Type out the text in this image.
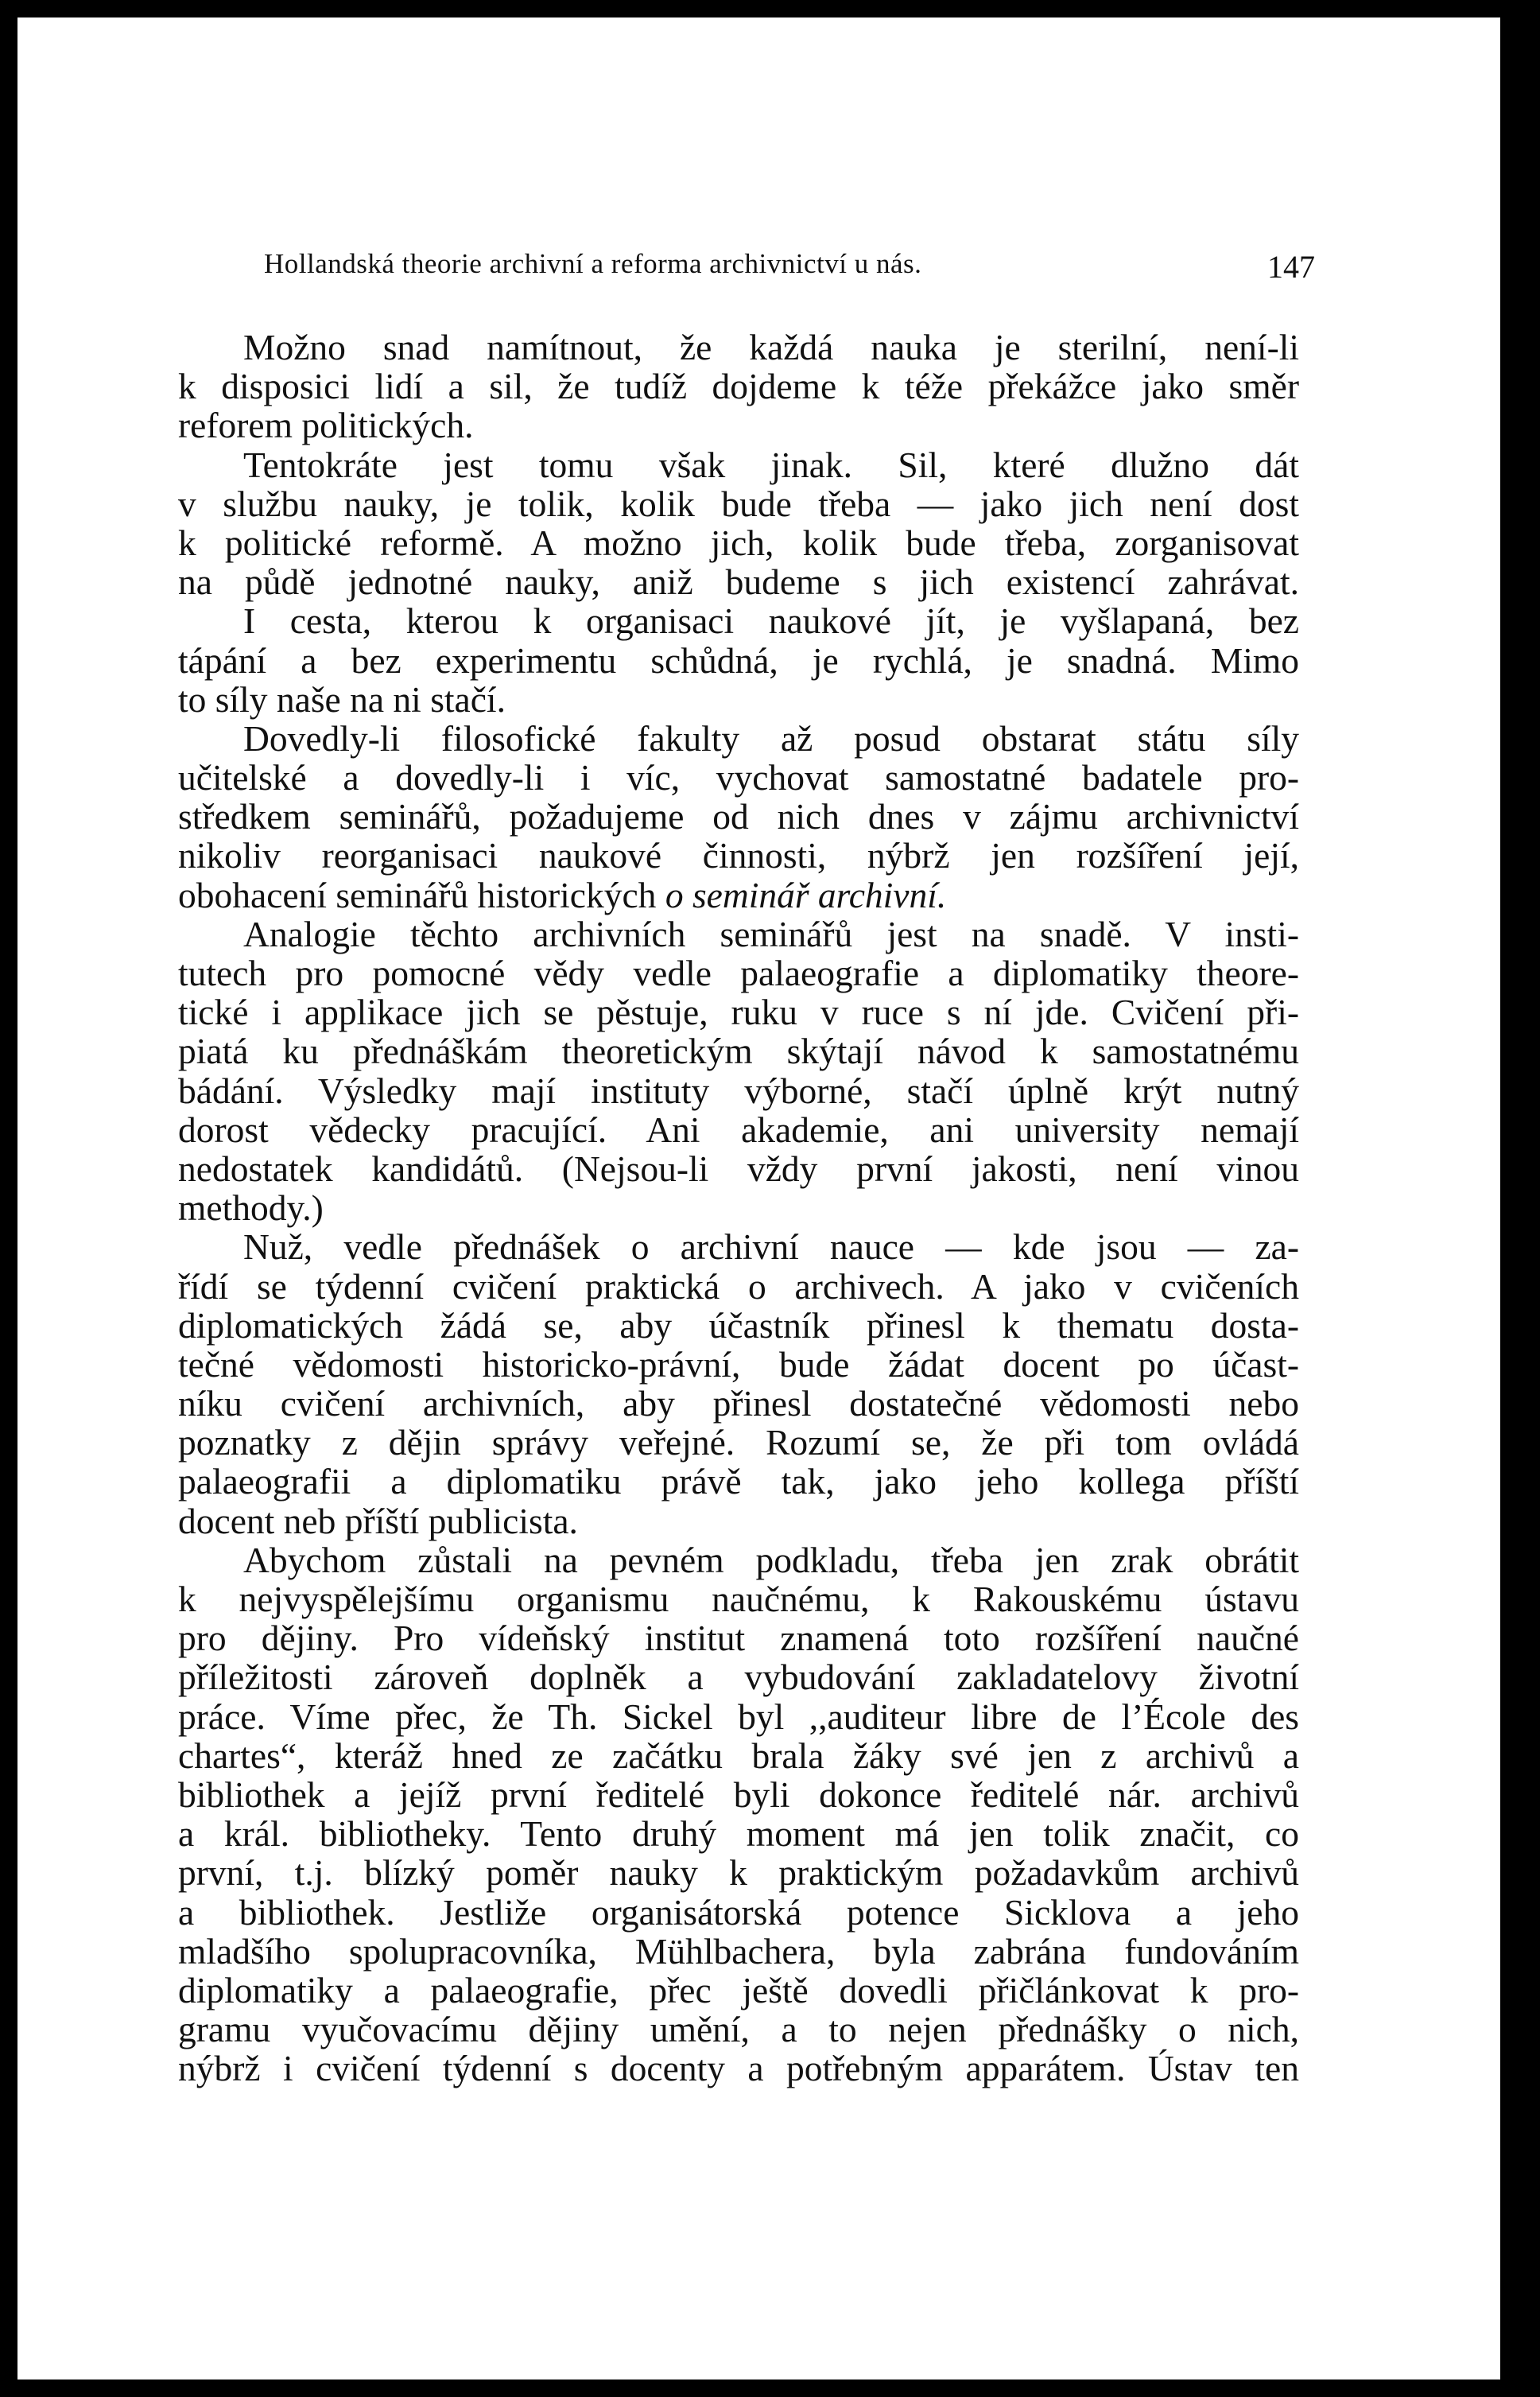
Hollandská theorie archivní a reforma archivnictví u nás.	147
Možno snad namítnout, že každá nauka je sterilní, není-li
k disposici lidí a sil, že tudíž dojdeme k téže překážce jako směr
reforem politických.
Tentokráte jest tomu však jinak. Sil, které dlužno dát
v službu nauky, je tolik, kolik bude třeba — jako jich není dost
k politické reformě. A možno jich, kolik bude třeba, zorganisovat
na půdě jednotné nauky, aniž budeme s jich existencí zahrávat.
I cesta, kterou k organisaci naukové jít, je vyšlapaná, bez
tápání a bez experimentu schůdná, je rychlá, je snadná. Mimo
to síly naše na ni stačí.
Dovedly-li filosofické fakulty až posud obstarat státu síly
učitelské a dovedly-li i víc, vychovat samostatné badatele pro-
středkem seminářů, požadujeme od nich dnes v zájmu archivnictví
nikoliv reorganisaci naukové činnosti, nýbrž jen rozšíření její,
obohacení seminářů historických o seminář archivní.
Analogie těchto archivních seminářů jest na snadě. V insti-
tutech pro pomocné vědy vedle palaeografie a diplomatiky theore-
tické i applikace jich se pěstuje, ruku v ruce s ní jde. Cvičení při-
piatá ku přednáškám theoretickým skýtají návod k samostatnému
bádání. Výsledky mají instituty výborné, stačí úplně krýt nutný
dorost vědecky pracující. Ani akademie, ani university nemají
nedostatek kandidátů. (Nejsou-li vždy první jakosti, není vinou
methody.)
Nuž, vedle přednášek o archivní nauce — kde jsou — za-
řídí se týdenní cvičení praktická o archivech. A jako v cvičeních
diplomatických žádá se, aby účastník přinesl k thematu dosta-
tečné vědomosti historicko-právní, bude žádat docent po účast-
níku cvičení archivních, aby přinesl dostatečné vědomosti nebo
poznatky z dějin správy veřejné. Rozumí se, že při tom ovládá
palaeografii a diplomatiku právě tak, jako jeho kollega příští
docent neb příští publicista.
Abychom zůstali na pevném podkladu, třeba jen zrak obrátit
k nejvyspělejšímu organismu naučnému, k Rakouskému ústavu
pro dějiny. Pro vídeňský institut znamená toto rozšíření naučné
příležitosti zároveň doplněk a vybudování zakladatelovy životní
práce. Víme přec, že Th. Sickel byl ,,auditeur libre de l’École des
chartes“, kteráž hned ze začátku brala žáky své jen z archivů a
bibliothek a jejíž první ředitelé byli dokonce ředitelé nár. archivů
a král. bibliotheky. Tento druhý moment má jen tolik značit, co
první, t.j. blízký poměr nauky k praktickým požadavkům archivů
a bibliothek. Jestliže organisátorská potence Sicklova a jeho
mladšího spolupracovníka, Mühlbachera, byla zabrána fundováním
diplomatiky a palaeografie, přec ještě dovedli přičlánkovat k pro-
gramu vyučovacímu dějiny umění, a to nejen přednášky o nich,
nýbrž i cvičení týdenní s docenty a potřebným apparátem. Ústav ten
